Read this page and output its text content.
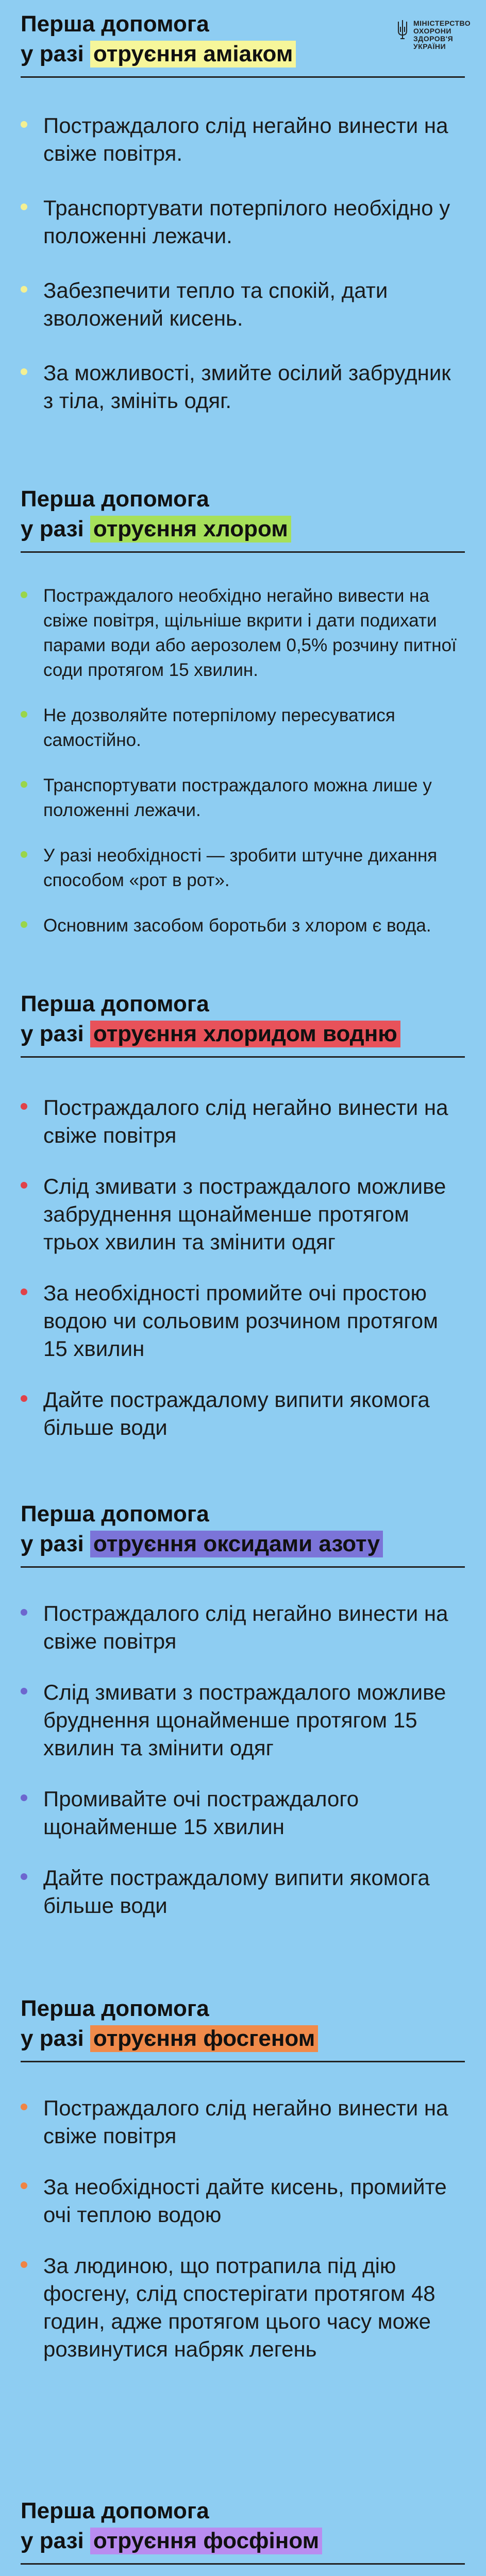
МІНІСТЕРСТВО
ОХОРОНИ
ЗДОРОВ'Я
УКРАЇНИ
Перша допомога
у разі отруєння аміаком
Постраждалого слід негайно винести на свіже повітря.
Транспортувати потерпілого необхідно у положенні лежачи.
Забезпечити тепло та спокій, дати зволожений кисень.
За можливості, змийте осілий забрудник з тіла, змініть одяг.
Перша допомога
у разі отруєння хлором
Постраждалого необхідно негайно вивести на свіже повітря, щільніше вкрити і дати подихати парами води або аерозолем 0,5% розчину питної соди протягом 15 хвилин.
Не дозволяйте потерпілому пересуватися самостійно.
Транспортувати постраждалого можна лише у положенні лежачи.
У разі необхідності — зробити штучне дихання способом «рот в рот».
Основним засобом боротьби з хлором є вода.
Перша допомога
у разі отруєння хлоридом водню
Постраждалого слід негайно винести на свіже повітря
Слід змивати з постраждалого можливе забруднення щонайменше протягом трьох хвилин та змінити одяг
За необхідності промийте очі простою водою чи сольовим розчином протягом 15 хвилин
Дайте постраждалому випити якомога більше води
Перша допомога
у разі отруєння оксидами азоту
Постраждалого слід негайно винести на свіже повітря
Слід змивати з постраждалого можливе бруднення щонайменше протягом 15 хвилин та змінити одяг
Промивайте очі постраждалого щонайменше 15 хвилин
Дайте постраждалому випити якомога більше води
Перша допомога
у разі отруєння фосгеном
Постраждалого слід негайно винести на свіже повітря
За необхідності дайте кисень, промийте очі теплою водою
За людиною, що потрапила під дію фосгену, слід спостерігати протягом 48 годин, адже протягом цього часу може розвинутися набряк легень
Перша допомога
у разі отруєння фосфіном
